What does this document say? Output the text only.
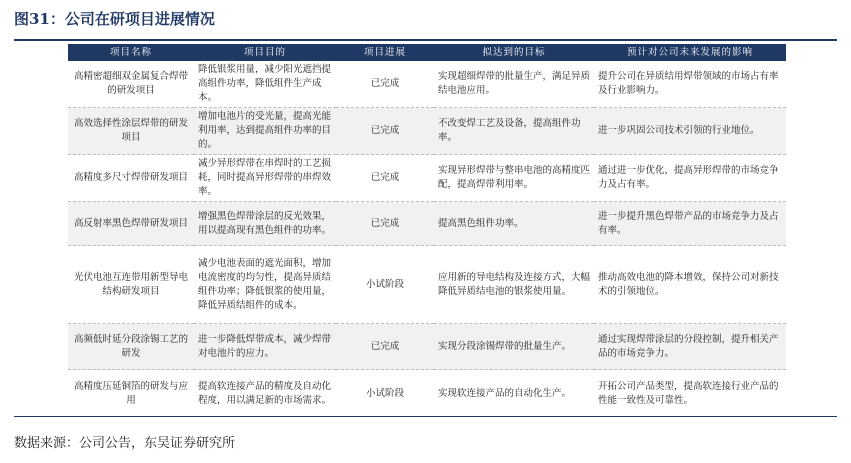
图31：公司在研项目进展情况
项目名称	项目目的	项目进展	拟达到的目标	预计对公司未来发展的影响
高精密超细双金属复合焊带的研发项目	降低银浆用量，减少阳光遮挡提高组件功率，降低组件生产成本。	已完成	实现超细焊带的批量生产，满足异质结电池应用。	提升公司在异质结用焊带领域的市场占有率及行业影响力。
高效选择性涂层焊带的研发项目	增加电池片的受光量，提高光能利用率，达到提高组件功率的目的。	已完成	不改变焊工艺及设备，提高组件功率。	进一步巩固公司技术引领的行业地位。
高精度多尺寸焊带研发项目	减少异形焊带在串焊时的工艺损耗，同时提高异形焊带的串焊效率。	已完成	实现异形焊带与整串电池的高精度匹配，提高焊带利用率。	通过进一步优化，提高异形焊带的市场竞争力及占有率。
高反射率黑色焊带研发项目	增强黑色焊带涂层的反光效果，用以提高现有黑色组件的功率。	已完成	提高黑色组件功率。	进一步提升黑色焊带产品的市场竞争力及占有率。
光伏电池互连带用新型导电结构研发项目	减少电池表面的遮光面积，增加电流密度的均匀性，提高异质结组件功率；降低银浆的使用量，降低异质结组件的成本。	小试阶段	应用新的导电结构及连接方式，大幅降低异质结电池的银浆使用量。	推动高效电池的降本增效，保持公司对新技术的引领地位。
高频低时延分段涂锡工艺的研发	进一步降低焊带成本，减少焊带对电池片的应力。	已完成	实现分段涂锡焊带的批量生产。	通过实现焊带涂层的分段控制，提升相关产品的市场竞争力。
高精度压延铜箔的研发与应用	提高软连接产品的精度及自动化程度，用以满足新的市场需求。	小试阶段	实现软连接产品的自动化生产。	开拓公司产品类型，提高软连接行业产品的性能一致性及可靠性。
数据来源：公司公告，东吴证券研究所
